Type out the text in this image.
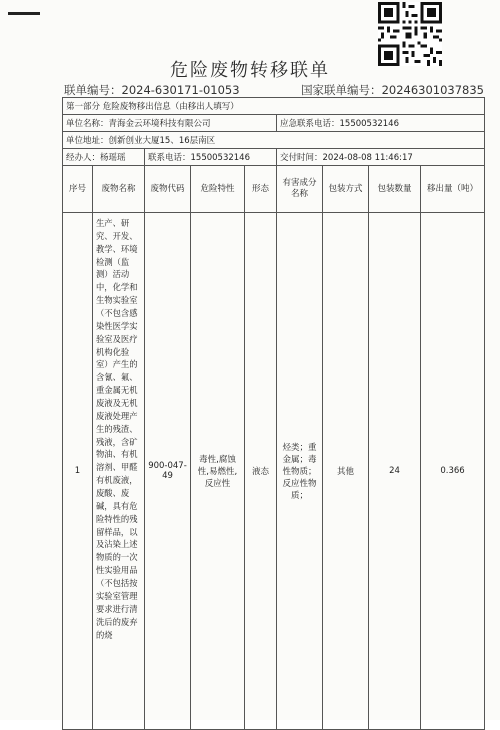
危险废物转移联单
联单编号：2024-630171-01053	国家联单编号：20246301037835
第一部分 危险废物移出信息（由移出人填写）								
单位名称：青海金云环境科技有限公司					应急联系电话：15500532146			
单位地址：创新创业大厦15、16层南区								
经办人：杨瑶瑶		联系电话：15500532146			交付时间：2024-08-08 11:46:17			
序号	废物名称	废物代码	危险特性	形态	有害成分名称	包装方式	包装数量	移出量（吨）
1	生产、研究、开发、教学、环境检测（监测）活动中，化学和生物实验室（不包含感染性医学实验室及医疗机构化验室）产生的含氰、氟、重金属无机废液及无机废液处理产生的残渣、残液，含矿物油、有机溶剂、甲醛有机废液，废酸、废碱，具有危险特性的残留样品，以及沾染上述物质的一次性实验用品（不包括按实验室管理要求进行清洗后的废弃的烧	900-047-49	毒性,腐蚀性,易燃性,反应性	液态	烃类；重金属；毒性物质；反应性物质；	其他	24	0.366
